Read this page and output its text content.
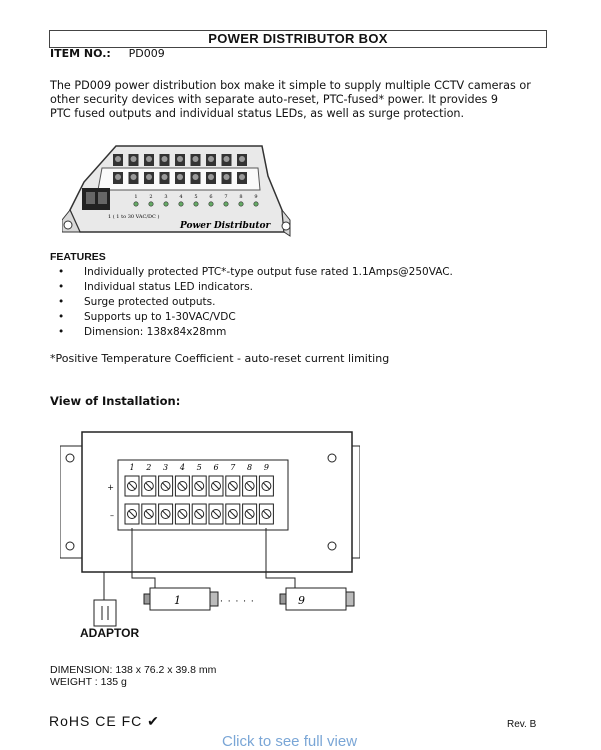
POWER DISTRIBUTOR BOX
ITEM NO.: PD009
The PD009 power distribution box make it simple to supply multiple CCTV cameras or
other security devices with separate auto-reset, PTC-fused* power. It provides 9
PTC fused outputs and individual status LEDs, as well as surge protection.
1 2 3 4 5 6 7 8 9
1 ( 1 to 30 VAC/DC )
Power Distributor
FEATURES
• Individually protected PTC*-type output fuse rated 1.1Amps@250VAC.
• Individual status LED indicators.
• Surge protected outputs.
• Supports up to 1-30VAC/VDC
• Dimension: 138x84x28mm
*Positive Temperature Coefficient - auto-reset current limiting
View of Installation:
1 2 3 4 5 6 7 8 9
+
–
1	· · · · ·	9
ADAPTOR
DIMENSION: 138 x 76.2 x 39.8 mm
WEIGHT : 135 g
RoHS CE FC ✔	Rev. B
Click to see full view
